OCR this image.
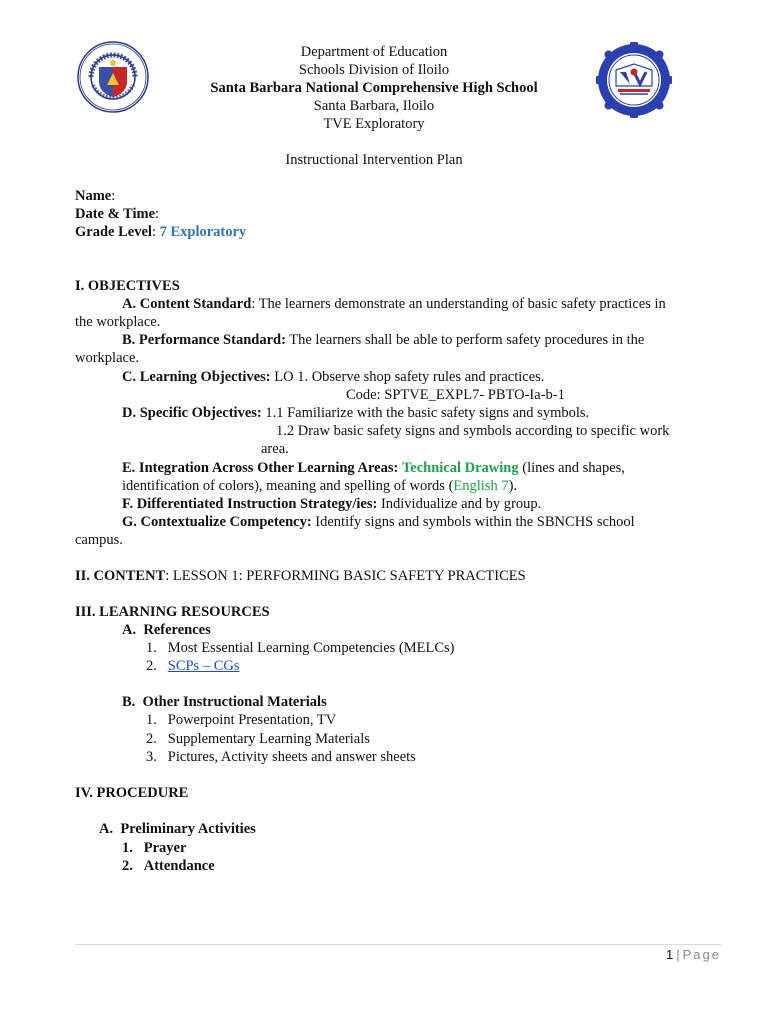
Department of Education
Schools Division of Iloilo
Santa Barbara National Comprehensive High School
Santa Barbara, Iloilo
TVE Exploratory
Instructional Intervention Plan
Name:
Date & Time:
Grade Level: 7 Exploratory
I. OBJECTIVES
A. Content Standard: The learners demonstrate an understanding of basic safety practices in
the workplace.
B. Performance Standard: The learners shall be able to perform safety procedures in the
workplace.
C. Learning Objectives: LO 1. Observe shop safety rules and practices.
Code: SPTVE_EXPL7- PBTO-Ia-b-1
D. Specific Objectives: 1.1 Familiarize with the basic safety signs and symbols.
1.2 Draw basic safety signs and symbols according to specific work
area.
E. Integration Across Other Learning Areas: Technical Drawing (lines and shapes,
identification of colors), meaning and spelling of words (English 7).
F. Differentiated Instruction Strategy/ies: Individualize and by group.
G. Contextualize Competency: Identify signs and symbols within the SBNCHS school
campus.
II. CONTENT: LESSON 1: PERFORMING BASIC SAFETY PRACTICES
III. LEARNING RESOURCES
A. References
1. Most Essential Learning Competencies (MELCs)
2. SCPs – CGs
B. Other Instructional Materials
1. Powerpoint Presentation, TV
2. Supplementary Learning Materials
3. Pictures, Activity sheets and answer sheets
IV. PROCEDURE
A. Preliminary Activities
1. Prayer
2. Attendance
1 | Page
